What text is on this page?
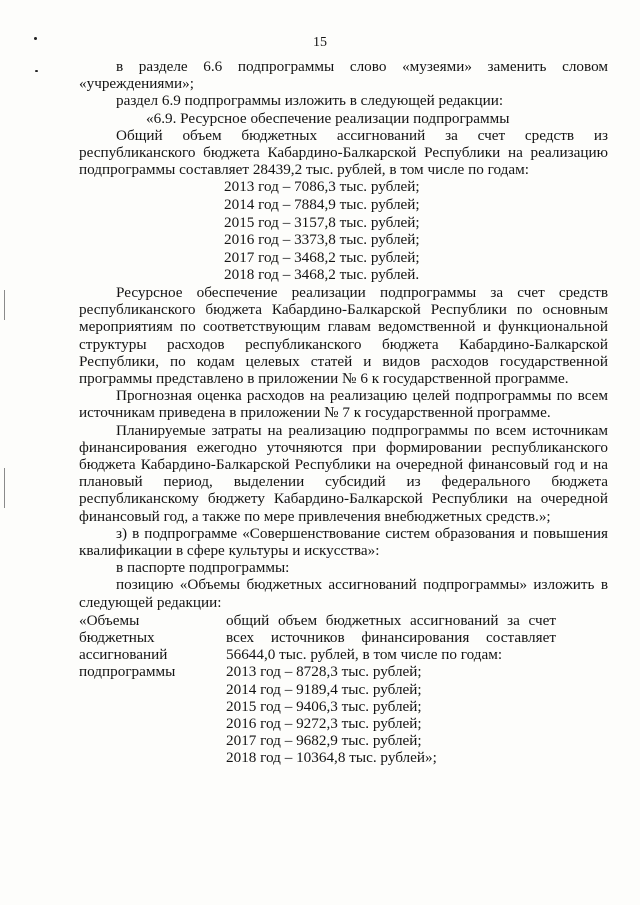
15

в разделе 6.6 подпрограммы слово «музеями» заменить словом «учреждениями»;

раздел 6.9 подпрограммы изложить в следующей редакции:

«6.9. Ресурсное обеспечение реализации подпрограммы

Общий объем бюджетных ассигнований за счет средств из республиканского бюджета Кабардино-Балкарской Республики на реализацию подпрограммы составляет 28439,2 тыс. рублей, в том числе по годам:

2013 год – 7086,3 тыс. рублей;
2014 год – 7884,9 тыс. рублей;
2015 год – 3157,8 тыс. рублей;
2016 год – 3373,8 тыс. рублей;
2017 год – 3468,2 тыс. рублей;
2018 год – 3468,2 тыс. рублей.

Ресурсное обеспечение реализации подпрограммы за счет средств республиканского бюджета Кабардино-Балкарской Республики по основным мероприятиям по соответствующим главам ведомственной и функциональной структуры расходов республиканского бюджета Кабардино-Балкарской Республики, по кодам целевых статей и видов расходов государственной программы представлено в приложении № 6 к государственной программе.

Прогнозная оценка расходов на реализацию целей подпрограммы по всем источникам приведена в приложении № 7 к государственной программе.

Планируемые затраты на реализацию подпрограммы по всем источникам финансирования ежегодно уточняются при формировании республиканского бюджета Кабардино-Балкарской Республики на очередной финансовый год и на плановый период, выделении субсидий из федерального бюджета республиканскому бюджету Кабардино-Балкарской Республики на очередной финансовый год, а также по мере привлечения внебюджетных средств.»;

з) в подпрограмме «Совершенствование систем образования и повышения квалификации в сфере культуры и искусства»:

в паспорте подпрограммы:

позицию «Объемы бюджетных ассигнований подпрограммы» изложить в следующей редакции:

«Объемы
бюджетных
ассигнований
подпрограммы

общий объем бюджетных ассигнований за счет всех источников финансирования составляет 56644,0 тыс. рублей, в том числе по годам:

2013 год – 8728,3 тыс. рублей;
2014 год – 9189,4 тыс. рублей;
2015 год – 9406,3 тыс. рублей;
2016 год – 9272,3 тыс. рублей;
2017 год – 9682,9 тыс. рублей;
2018 год – 10364,8 тыс. рублей»;
